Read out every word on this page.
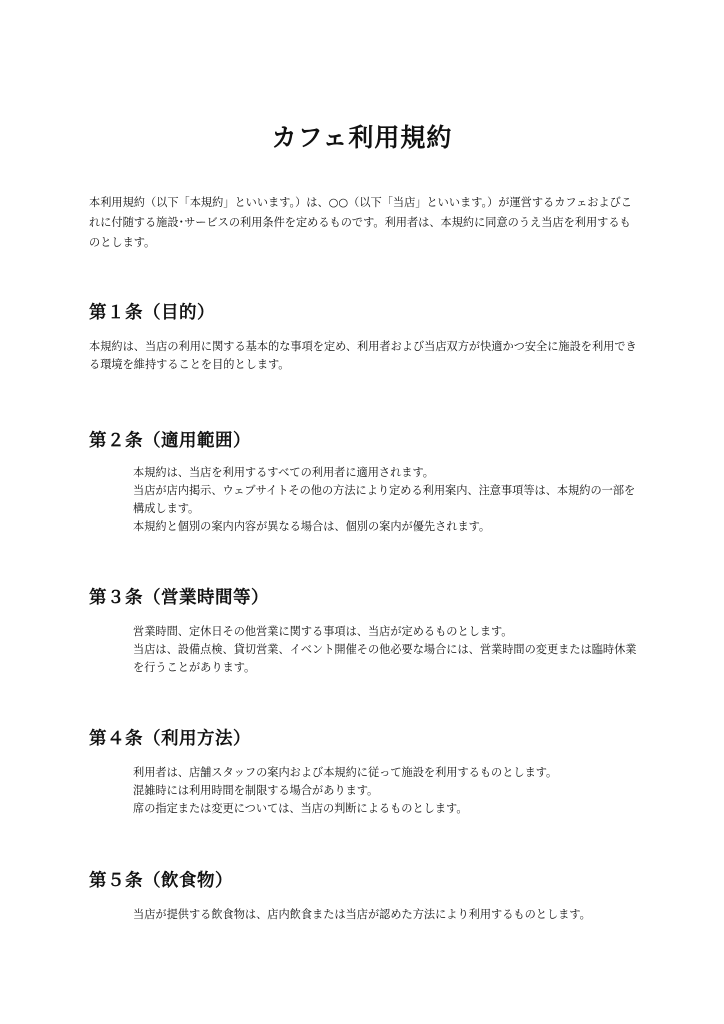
カフェ利用規約

本利用規約（以下「本規約」といいます。）は、○○（以下「当店」といいます。）が運営するカフェおよびこれに付随する施設･サービスの利用条件を定めるものです。利用者は、本規約に同意のうえ当店を利用するものとします。

第１条（目的）
本規約は、当店の利用に関する基本的な事項を定め、利用者および当店双方が快適かつ安全に施設を利用できる環境を維持することを目的とします。
第２条（適用範囲）
本規約は、当店を利用するすべての利用者に適用されます。
当店が店内掲示、ウェブサイトその他の方法により定める利用案内、注意事項等は、本規約の一部を構成します。
本規約と個別の案内内容が異なる場合は、個別の案内が優先されます。
第３条（営業時間等）
営業時間、定休日その他営業に関する事項は、当店が定めるものとします。
当店は、設備点検、貸切営業、イベント開催その他必要な場合には、営業時間の変更または臨時休業を行うことがあります。
第４条（利用方法）
利用者は、店舗スタッフの案内および本規約に従って施設を利用するものとします。
混雑時には利用時間を制限する場合があります。
席の指定または変更については、当店の判断によるものとします。
第５条（飲食物）
当店が提供する飲食物は、店内飲食または当店が認めた方法により利用するものとします。
